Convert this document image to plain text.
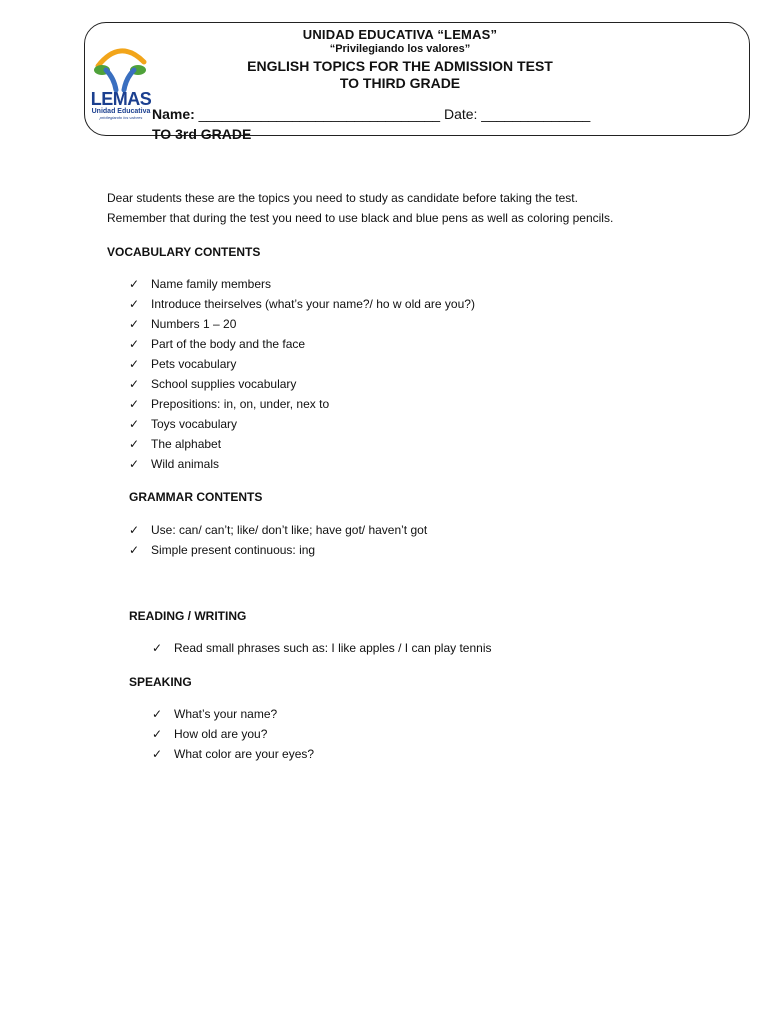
LEMAS
Unidad Educativa
privilegiando los valores
UNIDAD EDUCATIVA “LEMAS”
“Privilegiando los valores”
ENGLISH TOPICS FOR THE ADMISSION TEST
TO THIRD GRADE
Name: _______________________________ Date: ______________
TO 3rd GRADE
Dear students these are the topics you need to study as candidate before taking the test.
Remember that during the test you need to use black and blue pens as well as coloring pencils.
VOCABULARY CONTENTS
✓ Name family members
✓ Introduce theirselves (what’s your name?/ ho w old are you?)
✓ Numbers 1 – 20
✓ Part of the body and the face
✓ Pets vocabulary
✓ School supplies vocabulary
✓ Prepositions: in, on, under, nex to
✓ Toys vocabulary
✓ The alphabet
✓ Wild animals
GRAMMAR CONTENTS
✓ Use: can/ can’t; like/ don’t like; have got/ haven’t got
✓ Simple present continuous: ing
READING / WRITING
✓ Read small phrases such as: I like apples / I can play tennis
SPEAKING
✓ What’s your name?
✓ How old are you?
✓ What color are your eyes?
